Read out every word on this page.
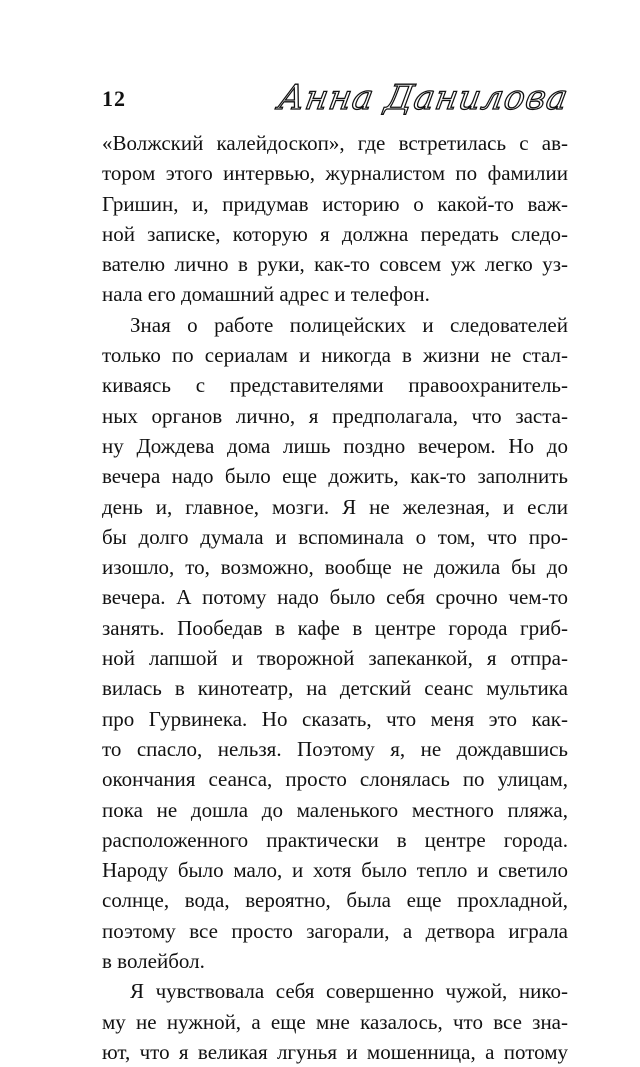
12	Анна Данилова
«Волжский калейдоскоп», где встретилась с ав-
тором этого интервью, журналистом по фамилии
Гришин, и, придумав историю о какой-то важ-
ной записке, которую я должна передать следо-
вателю лично в руки, как-то совсем уж легко уз-
нала его домашний адрес и телефон.
Зная о работе полицейских и следователей
только по сериалам и никогда в жизни не стал-
киваясь с представителями правоохранитель-
ных органов лично, я предполагала, что заста-
ну Дождева дома лишь поздно вечером. Но до
вечера надо было еще дожить, как-то заполнить
день и, главное, мозги. Я не железная, и если
бы долго думала и вспоминала о том, что про-
изошло, то, возможно, вообще не дожила бы до
вечера. А потому надо было себя срочно чем-то
занять. Пообедав в кафе в центре города гриб-
ной лапшой и творожной запеканкой, я отпра-
вилась в кинотеатр, на детский сеанс мультика
про Гурвинека. Но сказать, что меня это как-
то спасло, нельзя. Поэтому я, не дождавшись
окончания сеанса, просто слонялась по улицам,
пока не дошла до маленького местного пляжа,
расположенного практически в центре города.
Народу было мало, и хотя было тепло и светило
солнце, вода, вероятно, была еще прохладной,
поэтому все просто загорали, а детвора играла
в волейбол.
Я чувствовала себя совершенно чужой, нико-
му не нужной, а еще мне казалось, что все зна-
ют, что я великая лгунья и мошенница, а потому
